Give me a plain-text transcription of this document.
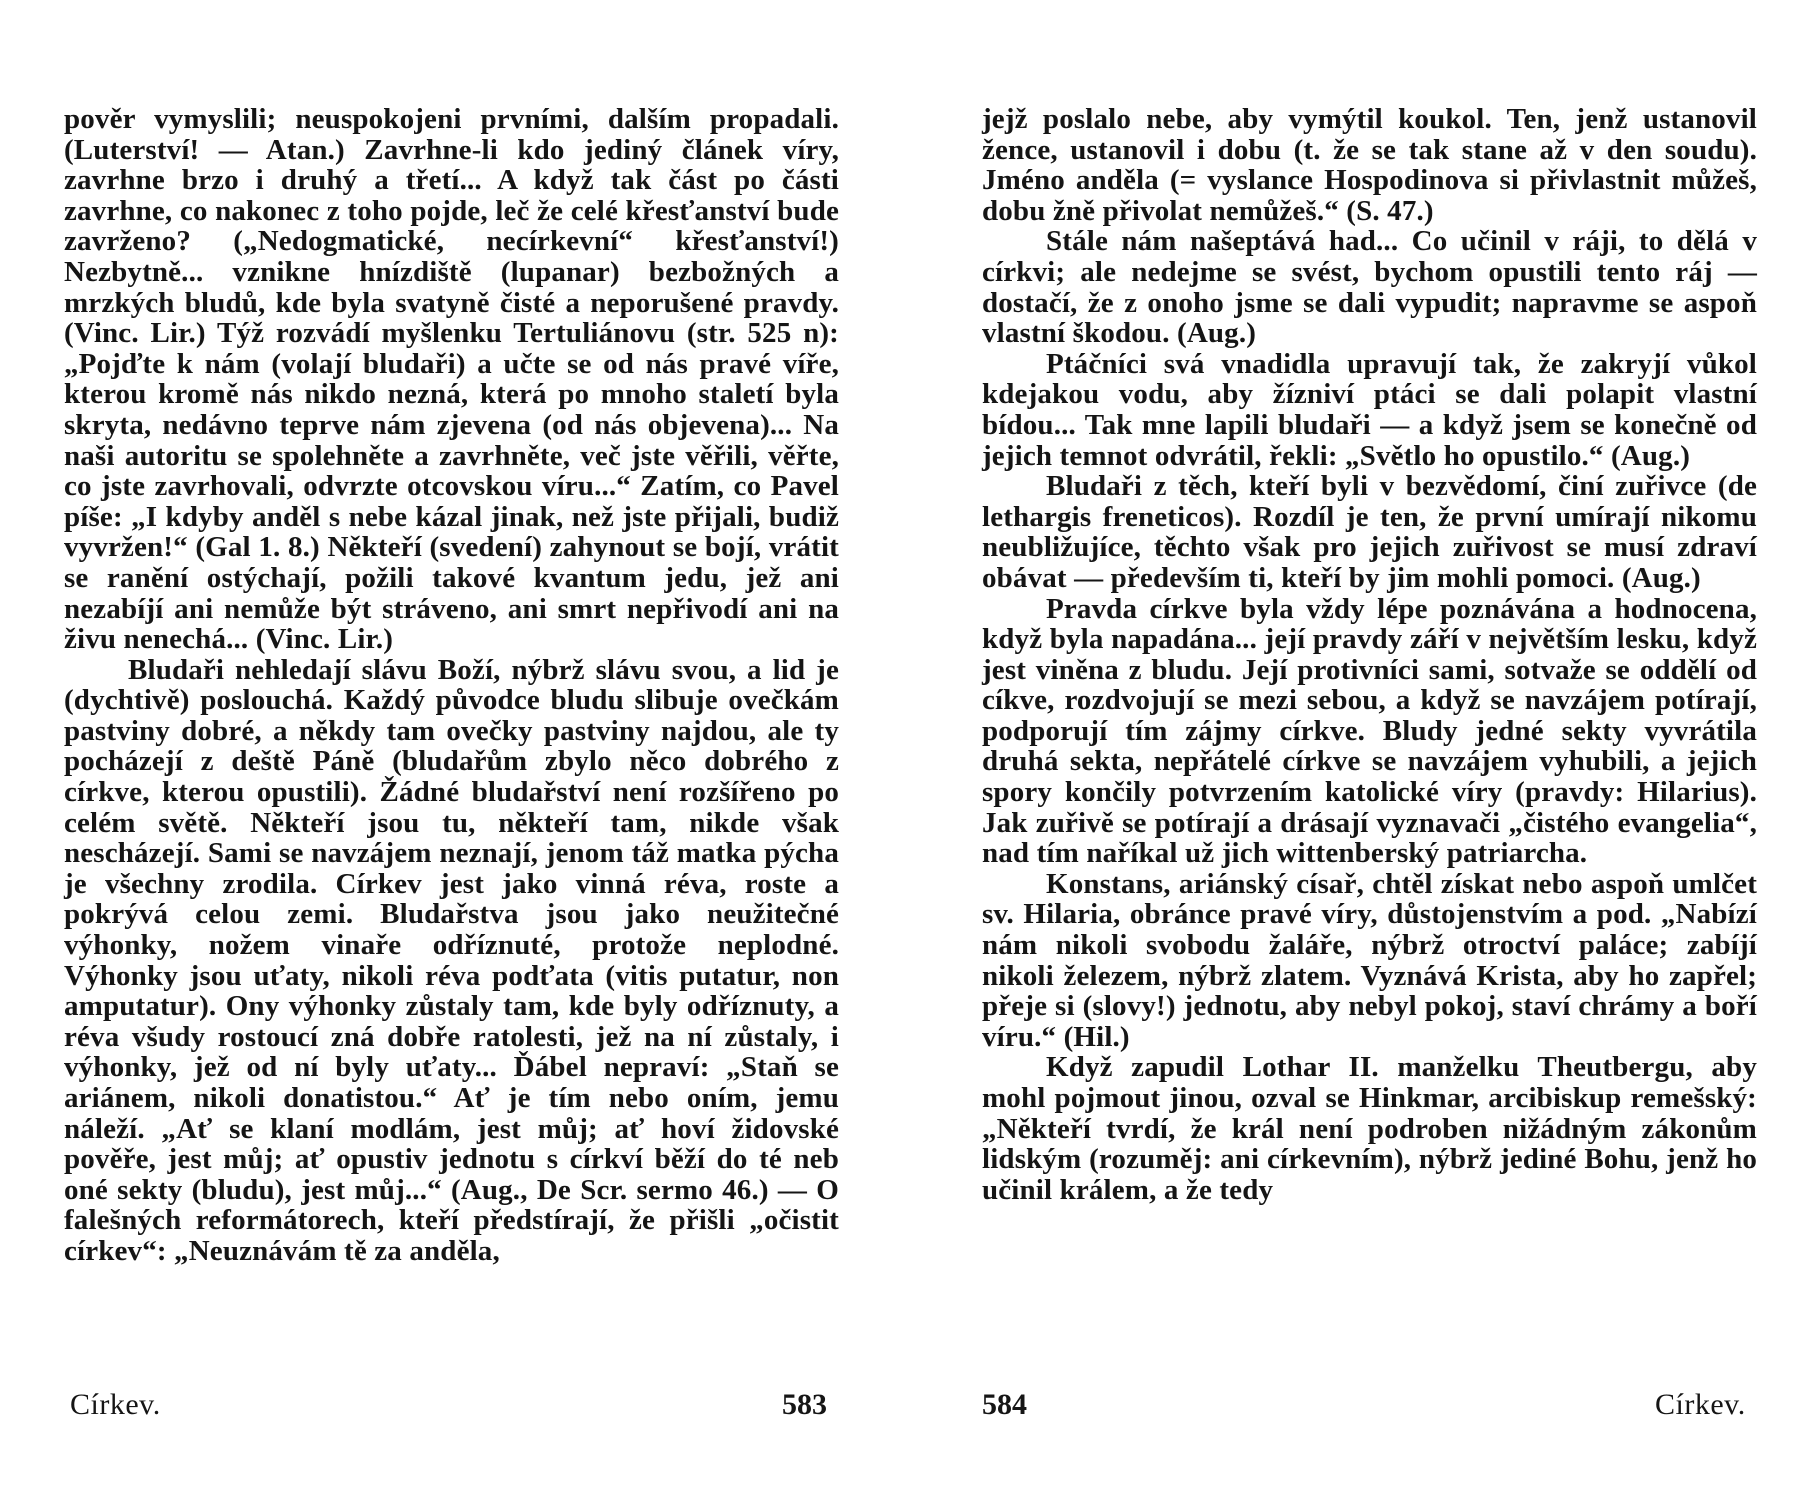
pověr vymyslili; neuspokojeni prvními, dalším propadali. (Luterství! — Atan.) Zavrhne-li kdo jediný článek víry, zavrhne brzo i druhý a třetí... A když tak část po části zavrhne, co nakonec z toho pojde, leč že celé křesťanství bude zavrženo? („Nedogmatické, necírkevní“ křesťanství!) Nezbytně... vznikne hnízdiště (lupanar) bezbožných a mrzkých bludů, kde byla svatyně čisté a neporušené pravdy. (Vinc. Lir.) Týž rozvádí myšlenku Tertuliánovu (str. 525 n): „Pojďte k nám (volají bludaři) a učte se od nás pravé víře, kterou kromě nás nikdo nezná, která po mnoho staletí byla skryta, nedávno teprve nám zjevena (od nás objevena)... Na naši autoritu se spolehněte a zavrhněte, več jste věřili, věřte, co jste zavrhovali, odvrzte otcovskou víru...“ Zatím, co Pavel píše: „I kdyby anděl s nebe kázal jinak, než jste přijali, budiž vyvržen!“ (Gal 1. 8.) Někteří (svedení) zahynout se bojí, vrátit se ranění ostýchají, požili takové kvantum jedu, jež ani nezabíjí ani nemůže být stráveno, ani smrt nepřivodí ani na živu nenechá... (Vinc. Lir.)

Bludaři nehledají slávu Boží, nýbrž slávu svou, a lid je (dychtivě) poslouchá. Každý původce bludu slibuje ovečkám pastviny dobré, a někdy tam ovečky pastviny najdou, ale ty pocházejí z deště Páně (bludařům zbylo něco dobrého z církve, kterou opustili). Žádné bludařství není rozšířeno po celém světě. Někteří jsou tu, někteří tam, nikde však nescházejí. Sami se navzájem neznají, jenom táž matka pýcha je všechny zrodila. Církev jest jako vinná réva, roste a pokrývá celou zemi. Bludařstva jsou jako neužitečné výhonky, nožem vinaře odříznuté, protože neplodné. Výhonky jsou uťaty, nikoli réva podťata (vitis putatur, non amputatur). Ony výhonky zůstaly tam, kde byly odříznuty, a réva všudy rostoucí zná dobře ratolesti, jež na ní zůstaly, i výhonky, jež od ní byly uťaty... Ďábel nepraví: „Staň se ariánem, nikoli donatistou.“ Ať je tím nebo oním, jemu náleží. „Ať se klaní modlám, jest můj; ať hoví židovské pověře, jest můj; ať opustiv jednotu s církví běží do té neb oné sekty (bludu), jest můj...“ (Aug., De Scr. sermo 46.) — O falešných reformátorech, kteří předstírají, že přišli „očistit církev“: „Neuznávám tě za anděla,

Církev.	583

jejž poslalo nebe, aby vymýtil koukol. Ten, jenž ustanovil žence, ustanovil i dobu (t. že se tak stane až v den soudu). Jméno anděla (= vyslance Hospodinova si přivlastnit můžeš, dobu žně přivolat nemůžeš.“ (S. 47.)

Stále nám našeptává had... Co učinil v ráji, to dělá v církvi; ale nedejme se svést, bychom opustili tento ráj — dostačí, že z onoho jsme se dali vypudit; napravme se aspoň vlastní škodou. (Aug.)

Ptáčníci svá vnadidla upravují tak, že zakryjí vůkol kdejakou vodu, aby žízniví ptáci se dali polapit vlastní bídou... Tak mne lapili bludaři — a když jsem se konečně od jejich temnot odvrátil, řekli: „Světlo ho opustilo.“ (Aug.)

Bludaři z těch, kteří byli v bezvědomí, činí zuřivce (de lethargis freneticos). Rozdíl je ten, že první umírají nikomu neubližujíce, těchto však pro jejich zuřivost se musí zdraví obávat — především ti, kteří by jim mohli pomoci. (Aug.)

Pravda církve byla vždy lépe poznávána a hodnocena, když byla napadána... její pravdy září v největším lesku, když jest viněna z bludu. Její protivníci sami, sotvaže se oddělí od cíkve, rozdvojují se mezi sebou, a když se navzájem potírají, podporují tím zájmy církve. Bludy jedné sekty vyvrátila druhá sekta, nepřátelé církve se navzájem vyhubili, a jejich spory končily potvrzením katolické víry (pravdy: Hilarius). Jak zuřivě se potírají a drásají vyznavači „čistého evangelia“, nad tím naříkal už jich wittenberský patriarcha.

Konstans, ariánský císař, chtěl získat nebo aspoň umlčet sv. Hilaria, obránce pravé víry, důstojenstvím a pod. „Nabízí nám nikoli svobodu žaláře, nýbrž otroctví paláce; zabíjí nikoli železem, nýbrž zlatem. Vyznává Krista, aby ho zapřel; přeje si (slovy!) jednotu, aby nebyl pokoj, staví chrámy a boří víru.“ (Hil.)

Když zapudil Lothar II. manželku Theutbergu, aby mohl pojmout jinou, ozval se Hinkmar, arcibiskup remešský: „Někteří tvrdí, že král není podroben nižádným zákonům lidským (rozuměj: ani církevním), nýbrž jediné Bohu, jenž ho učinil králem, a že tedy

584	Církev.
